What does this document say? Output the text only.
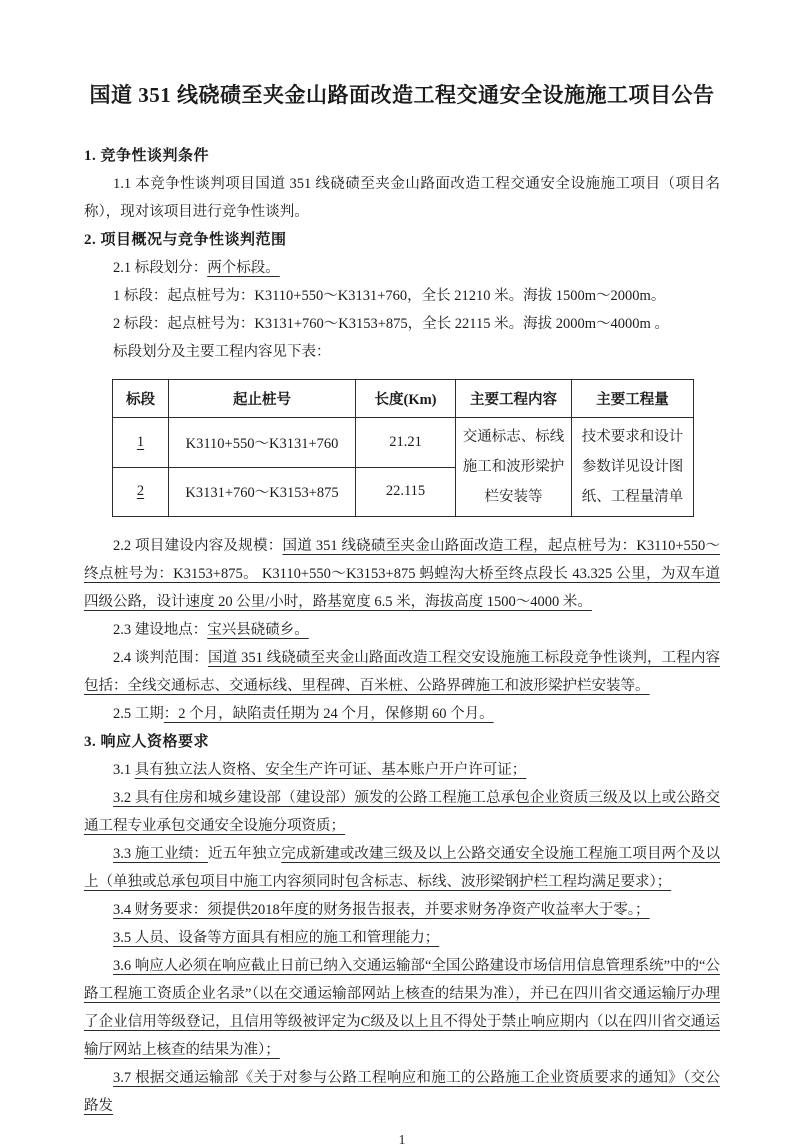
国道 351 线硗碛至夹金山路面改造工程交通安全设施施工项目公告
1. 竞争性谈判条件

1.1 本竞争性谈判项目国道 351 线硗碛至夹金山路面改造工程交通安全设施施工项目（项目名称），现对该项目进行竞争性谈判。

2. 项目概况与竞争性谈判范围

2.1 标段划分：两个标段。

1 标段：起点桩号为：K3110+550～K3131+760，全长 21210 米。海拔 1500m～2000m。

2 标段：起点桩号为：K3131+760～K3153+875，全长 22115 米。海拔 2000m～4000m 。

标段划分及主要工程内容见下表：

标段	起止桩号	长度(Km)	主要工程内容	主要工程量
1	K3110+550～K3131+760	21.21	交通标志、标线施工和波形梁护栏安装等	技术要求和设计参数详见设计图纸、工程量清单
2	K3131+760～K3153+875	22.115		

2.2 项目建设内容及规模：国道 351 线硗碛至夹金山路面改造工程，起点桩号为：K3110+550～终点桩号为：K3153+875。 K3110+550～K3153+875 蚂蝗沟大桥至终点段长 43.325 公里，为双车道四级公路，设计速度 20 公里/小时，路基宽度 6.5 米，海拔高度 1500～4000 米。

2.3 建设地点：宝兴县硗碛乡。

2.4 谈判范围：国道 351 线硗碛至夹金山路面改造工程交安设施施工标段竞争性谈判，工程内容包括：全线交通标志、交通标线、里程碑、百米桩、公路界碑施工和波形梁护栏安装等。

2.5 工期：2 个月，缺陷责任期为 24 个月，保修期 60 个月。

3. 响应人资格要求

3.1 具有独立法人资格、安全生产许可证、基本账户开户许可证；

3.2 具有住房和城乡建设部（建设部）颁发的公路工程施工总承包企业资质三级及以上或公路交通工程专业承包交通安全设施分项资质；

3.3 施工业绩：近五年独立完成新建或改建三级及以上公路交通安全设施工程施工项目两个及以上（单独或总承包项目中施工内容须同时包含标志、标线、波形梁钢护栏工程均满足要求）；

3.4 财务要求：须提供2018年度的财务报告报表，并要求财务净资产收益率大于零。；

3.5 人员、设备等方面具有相应的施工和管理能力；

3.6 响应人必须在响应截止日前已纳入交通运输部“全国公路建设市场信用信息管理系统”中的“公路工程施工资质企业名录”（以在交通运输部网站上核查的结果为准），并已在四川省交通运输厅办理了企业信用等级登记，且信用等级被评定为C级及以上且不得处于禁止响应期内（以在四川省交通运输厅网站上核查的结果为准）；

3.7 根据交通运输部《关于对参与公路工程响应和施工的公路施工企业资质要求的通知》（交公路发

1
